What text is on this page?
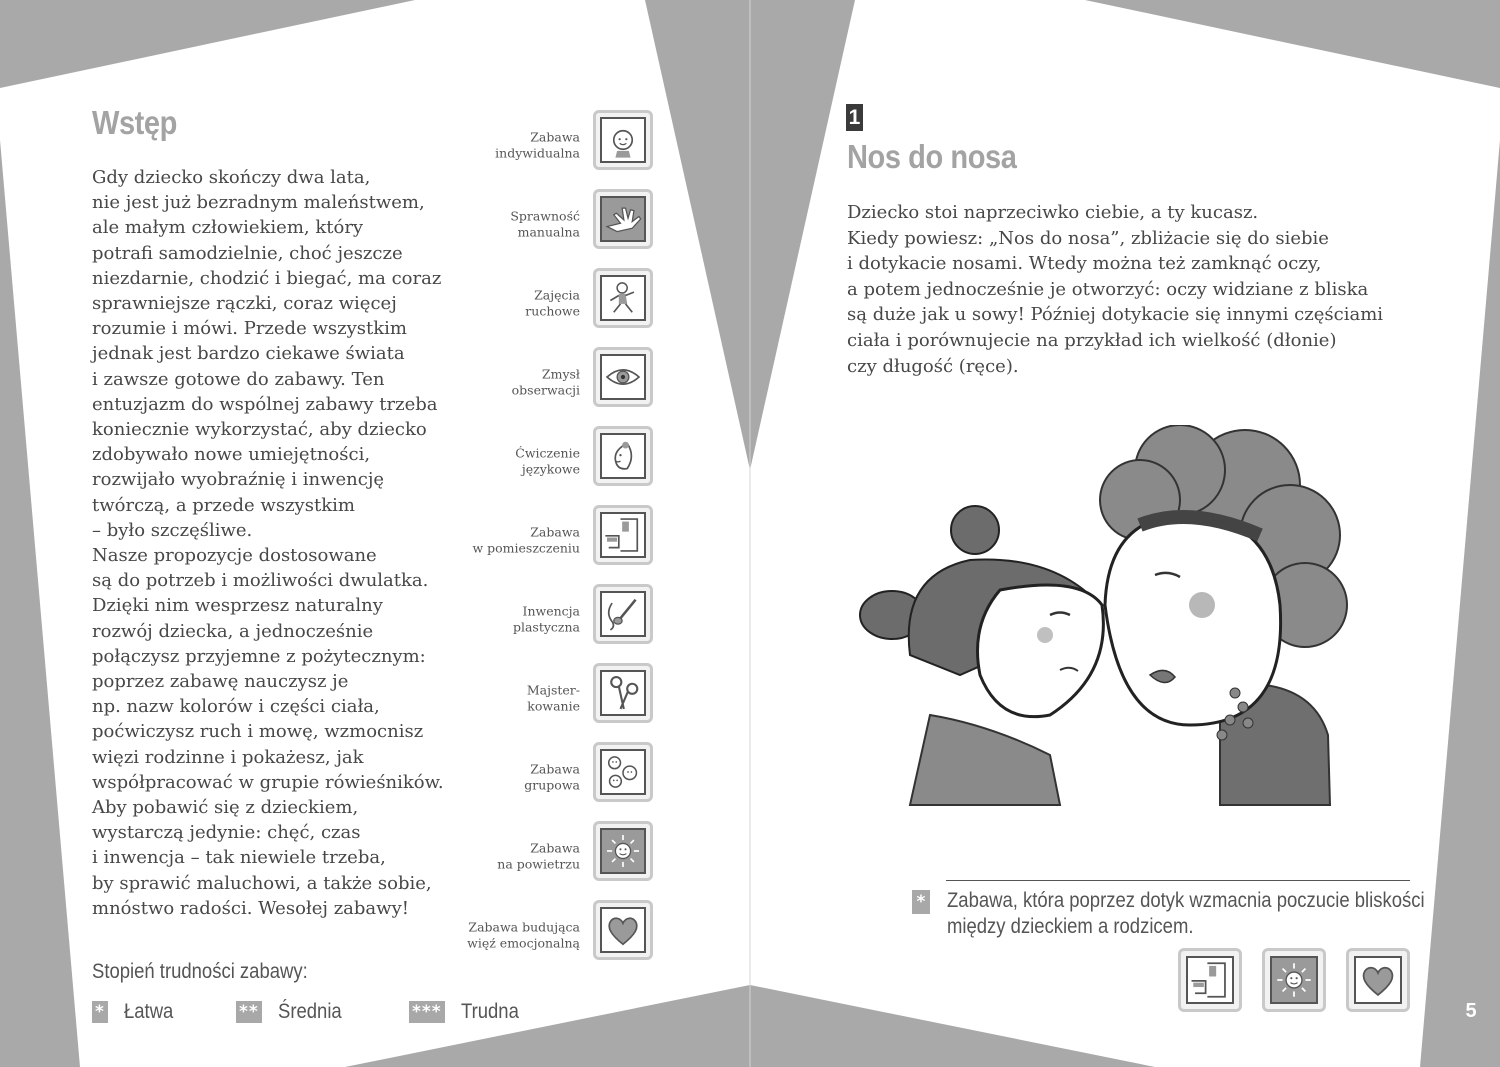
Wstęp

Gdy dziecko skończy dwa lata,
nie jest już bezradnym maleństwem,
ale małym człowiekiem, który
potrafi samodzielnie, choć jeszcze
niezdarnie, chodzić i biegać, ma coraz
sprawniejsze rączki, coraz więcej
rozumie i mówi. Przede wszystkim
jednak jest bardzo ciekawe świata
i zawsze gotowe do zabawy. Ten
entuzjazm do wspólnej zabawy trzeba
koniecznie wykorzystać, aby dziecko
zdobywało nowe umiejętności,
rozwijało wyobraźnię i inwencję
twórczą, a przede wszystkim
– było szczęśliwe.
Nasze propozycje dostosowane
są do potrzeb i możliwości dwulatka.
Dzięki nim wesprzesz naturalny
rozwój dziecka, a jednocześnie
połączysz przyjemne z pożytecznym:
poprzez zabawę nauczysz je
np. nazw kolorów i części ciała,
poćwiczysz ruch i mowę, wzmocnisz
więzi rodzinne i pokażesz, jak
współpracować w grupie rówieśników.
Aby pobawić się z dzieckiem,
wystarczą jedynie: chęć, czas
i inwencja – tak niewiele trzeba,
by sprawić maluchowi, a także sobie,
mnóstwo radości. Wesołej zabawy!

Zabawa
indywidualna
Sprawność
manualna
Zajęcia
ruchowe
Zmysł
obserwacji
Ćwiczenie
językowe
Zabawa
w pomieszczeniu
Inwencja
plastyczna
Majster-
kowanie
Zabawa
grupowa
Zabawa
na powietrzu
Zabawa budująca
więź emocjonalną
Stopień trudności zabawy:
* Łatwa	** Średnia	*** Trudna
1
Nos do nosa

Dziecko stoi naprzeciwko ciebie, a ty kucasz.
Kiedy powiesz: „Nos do nosa”, zbliżacie się do siebie
i dotykacie nosami. Wtedy można też zamknąć oczy,
a potem jednocześnie je otworzyć: oczy widziane z bliska
są duże jak u sowy! Później dotykacie się innymi częściami
ciała i porównujecie na przykład ich wielkość (dłonie)
czy długość (ręce).

* Zabawa, która poprzez dotyk wzmacnia poczucie bliskości
między dzieckiem a rodzicem.

5
